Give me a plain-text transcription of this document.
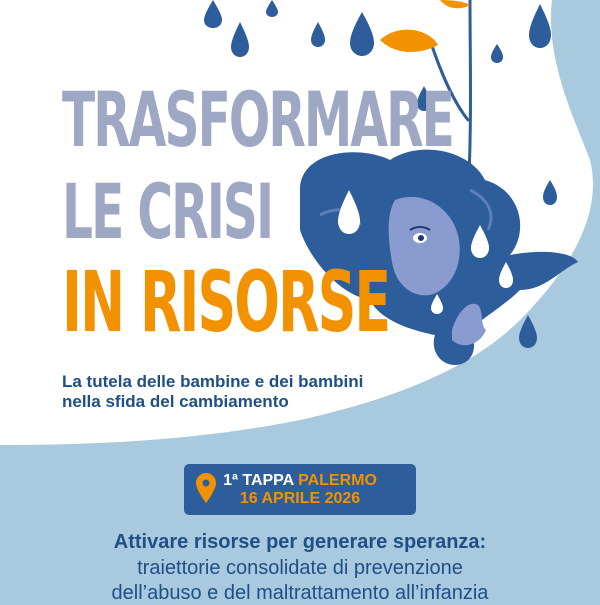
TRASFORMARE
LE CRISI
IN RISORSE
La tutela delle bambine e dei bambini
nella sfida del cambiamento
1ª TAPPA PALERMO
16 APRILE 2026
Attivare risorse per generare speranza:
traiettorie consolidate di prevenzione
dell’abuso e del maltrattamento all’infanzia
